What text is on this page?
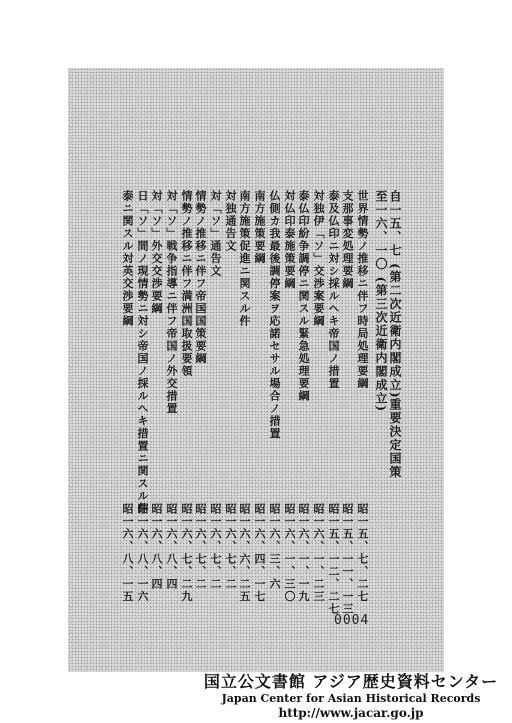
自一五、七 (第二次近衛内閣成立)
至一六、一〇 (第三次近衛内閣成立)
重要決定国策
世界情勢ノ推移ニ伴フ時局処理要綱
昭一五、七、二七
支那事変処理要綱
昭一五、一一、一三
泰及仏印ニ対シ採ルヘキ帝国ノ措置
昭一五、一二、二七
対独伊「ソ」交渉案要綱
昭一六、一、二三
泰仏印紛争調停ニ関スル緊急処理要綱
昭一六、一、一九
対仏印泰施策要綱
昭一六、一、三〇
仏側カ我最後調停案ヲ応諾セサル場合ノ措置
昭一六、三、六
南方施策要綱
昭一六、四、一七
南方施策促進ニ関スル件
昭一六、六、二五
対独通告文
昭一六、七、二
対「ソ」通告文
昭一六、七、二
情勢ノ推移ニ伴フ帝国国策要綱
昭一六、七、二
情勢ノ推移ニ伴フ満洲国取扱要領
昭一六、七、二九
対「ソ」戦争指導ニ伴フ帝国ノ外交措置
昭一六、八、四
対「ソ」外交交渉要綱
昭一六、八、四
日「ソ」間ノ現情勢ニ対シ帝国ノ採ルヘキ措置ニ関スル件
昭一六、八、一六
泰ニ関スル対英交渉要綱
昭一六、八、一五
0004
国立公文書館 アジア歴史資料センター
Japan Center for Asian Historical Records
http://www.jacar.go.jp
